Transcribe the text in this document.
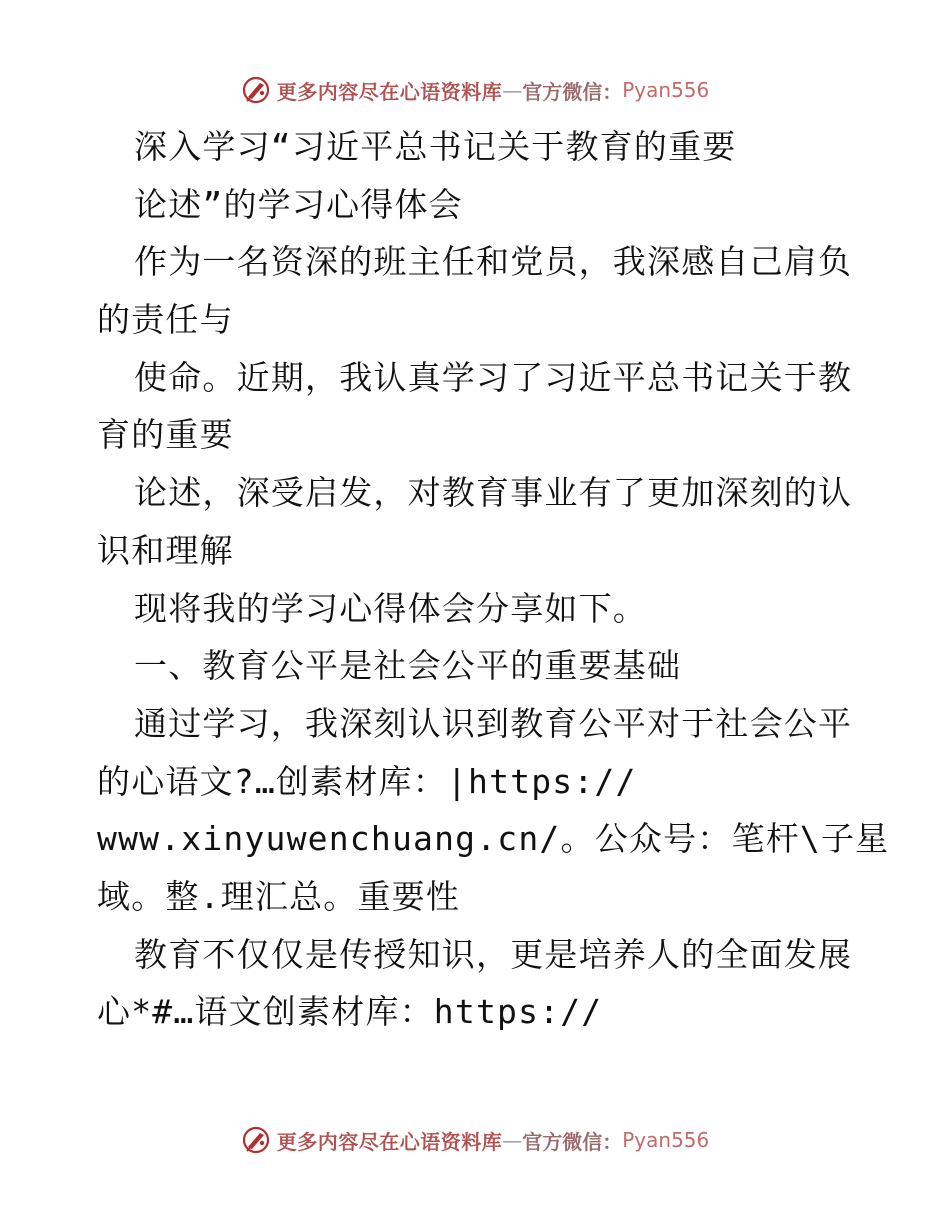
更多内容尽在心语资料库 — 官方微信： Pyan556
深入学习“习近平总书记关于教育的重要
论述”的学习心得体会
作为一名资深的班主任和党员，我深感自己肩负
的责任与
使命。近期，我认真学习了习近平总书记关于教
育的重要
论述，深受启发，对教育事业有了更加深刻的认
识和理解
现将我的学习心得体会分享如下。
一、教育公平是社会公平的重要基础
通过学习，我深刻认识到教育公平对于社会公平
的心语文?…创素材库：|https://
www.xinyuwenchuang.cn/。公众号：笔杆\子星
域。整.理汇总。重要性
教育不仅仅是传授知识，更是培养人的全面发展
心*#…语文创素材库：https://
更多内容尽在心语资料库 — 官方微信： Pyan556
